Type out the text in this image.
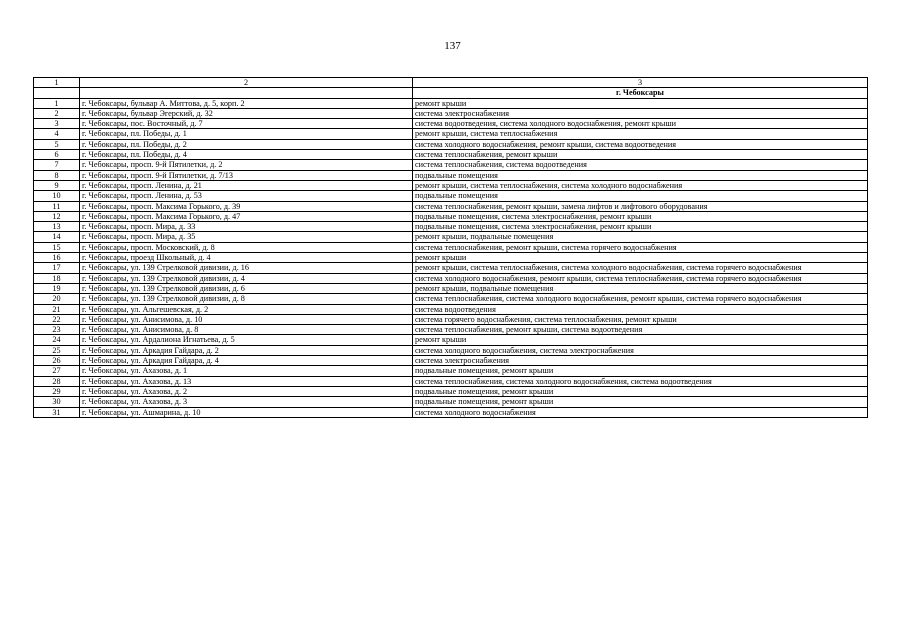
137
1	2	3
		г. Чебоксары
1	г. Чебоксары, бульвар А. Миттова, д. 5, корп. 2	ремонт крыши
2	г. Чебоксары, бульвар Эгерский, д. 32	система электроснабжения
3	г. Чебоксары, пос. Восточный, д. 7	система водоотведения, система холодного водоснабжения, ремонт крыши
4	г. Чебоксары, пл. Победы, д. 1	ремонт крыши, система теплоснабжения
5	г. Чебоксары, пл. Победы, д. 2	система холодного водоснабжения, ремонт крыши, система водоотведения
6	г. Чебоксары, пл. Победы, д. 4	система теплоснабжения, ремонт крыши
7	г. Чебоксары, просп. 9-й Пятилетки, д. 2	система теплоснабжения, система водоотведения
8	г. Чебоксары, просп. 9-й Пятилетки, д. 7/13	подвальные помещения
9	г. Чебоксары, просп. Ленина, д. 21	ремонт крыши, система теплоснабжения, система холодного водоснабжения
10	г. Чебоксары, просп. Ленина, д. 53	подвальные помещения
11	г. Чебоксары, просп. Максима Горького, д. 39	система теплоснабжения, ремонт крыши, замена лифтов и лифтового оборудования
12	г. Чебоксары, просп. Максима Горького, д. 47	подвальные помещения, система электроснабжения, ремонт крыши
13	г. Чебоксары, просп. Мира, д. 33	подвальные помещения, система электроснабжения, ремонт крыши
14	г. Чебоксары, просп. Мира, д. 35	ремонт крыши, подвальные помещения
15	г. Чебоксары, просп. Московский, д. 8	система теплоснабжения, ремонт крыши, система горячего водоснабжения
16	г. Чебоксары, проезд Школьный, д. 4	ремонт крыши
17	г. Чебоксары, ул. 139 Стрелковой дивизии, д. 16	ремонт крыши, система теплоснабжения, система холодного водоснабжения, система горячего водоснабжения
18	г. Чебоксары, ул. 139 Стрелковой дивизии, д. 4	система холодного водоснабжения, ремонт крыши, система теплоснабжения, система горячего водоснабжения
19	г. Чебоксары, ул. 139 Стрелковой дивизии, д. 6	ремонт крыши, подвальные помещения
20	г. Чебоксары, ул. 139 Стрелковой дивизии, д. 8	система теплоснабжения, система холодного водоснабжения, ремонт крыши, система горячего водоснабжения
21	г. Чебоксары, ул. Альгешевская, д. 2	система водоотведения
22	г. Чебоксары, ул. Анисимова, д. 10	система горячего водоснабжения, система теплоснабжения, ремонт крыши
23	г. Чебоксары, ул. Анисимова, д. 8	система теплоснабжения, ремонт крыши, система водоотведения
24	г. Чебоксары, ул. Ардалиона Игнатьева, д. 5	ремонт крыши
25	г. Чебоксары, ул. Аркадия Гайдара, д. 2	система холодного водоснабжения, система электроснабжения
26	г. Чебоксары, ул. Аркадия Гайдара, д. 4	система электроснабжения
27	г. Чебоксары, ул. Ахазова, д. 1	подвальные помещения, ремонт крыши
28	г. Чебоксары, ул. Ахазова, д. 13	система теплоснабжения, система холодного водоснабжения, система водоотведения
29	г. Чебоксары, ул. Ахазова, д. 2	подвальные помещения, ремонт крыши
30	г. Чебоксары, ул. Ахазова, д. 3	подвальные помещения, ремонт крыши
31	г. Чебоксары, ул. Ашмарина, д. 10	система холодного водоснабжения
